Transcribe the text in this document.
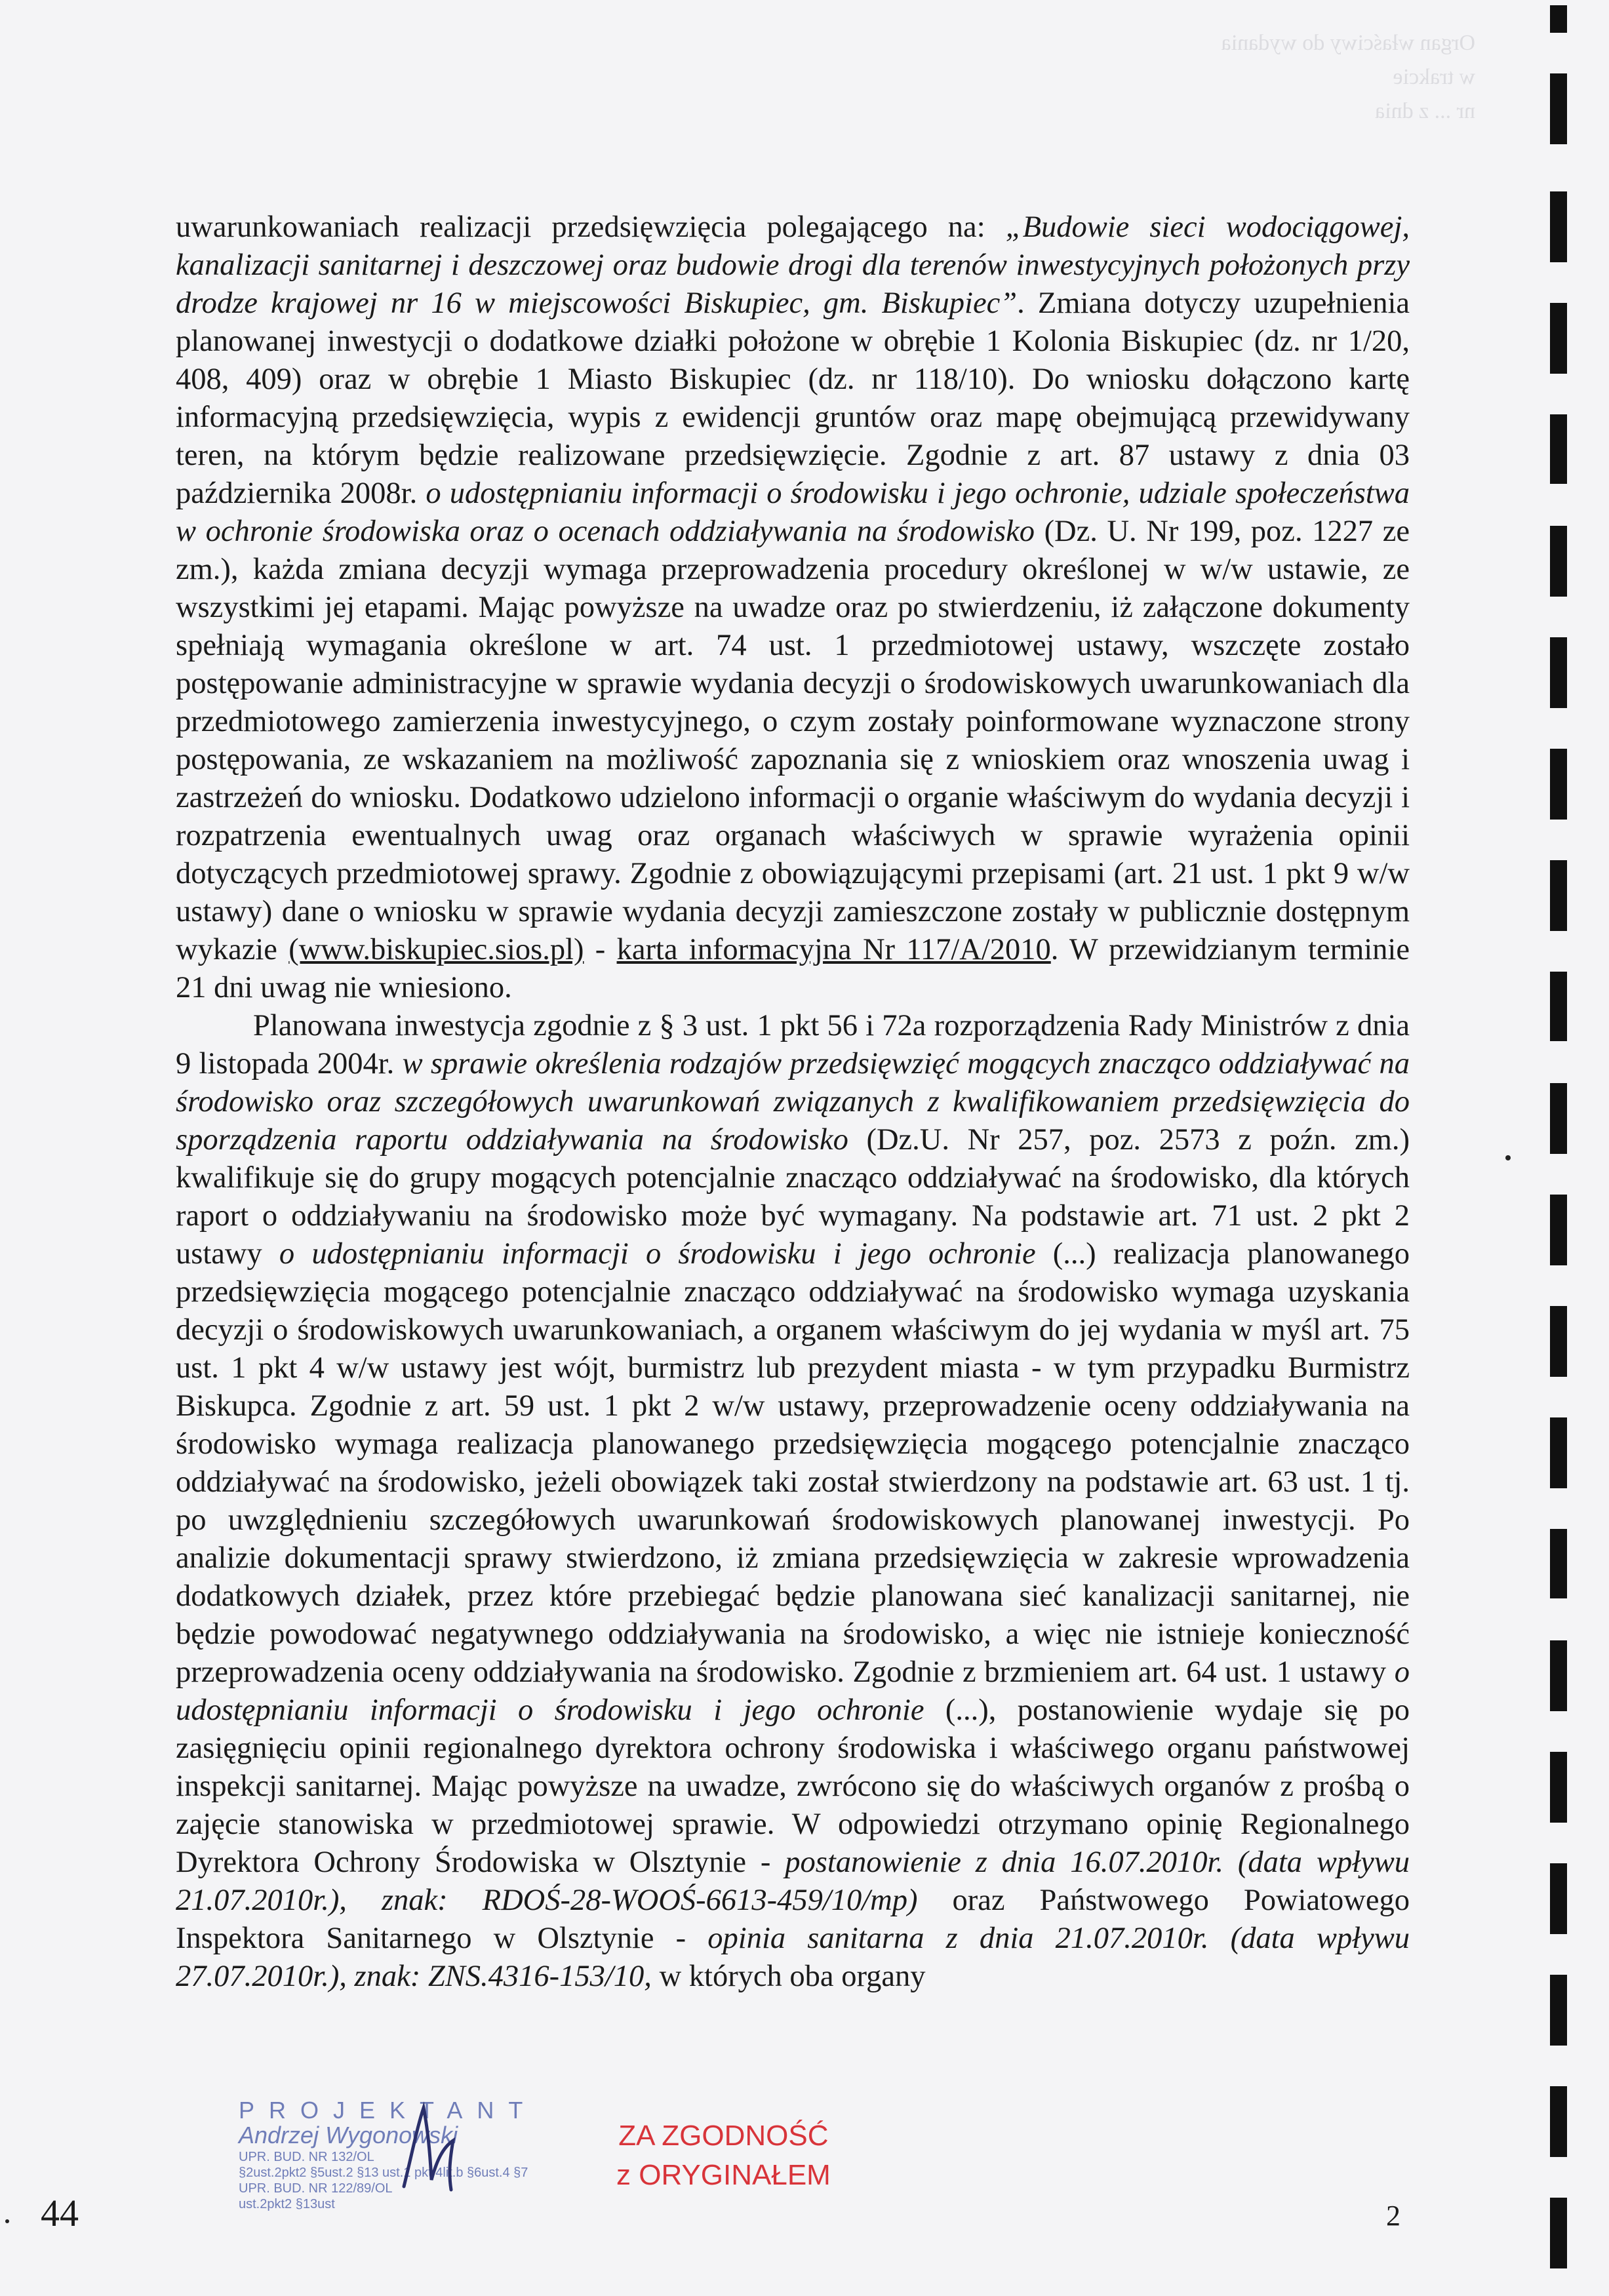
Organ właściwy do wydania
w trakcie
nr ... z dnia

uwarunkowaniach realizacji przedsięwzięcia polegającego na: „Budowie sieci wodociągowej, kanalizacji sanitarnej i deszczowej oraz budowie drogi dla terenów inwestycyjnych położonych przy drodze krajowej nr 16 w miejscowości Biskupiec, gm. Biskupiec”. Zmiana dotyczy uzupełnienia planowanej inwestycji o dodatkowe działki położone w obrębie 1 Kolonia Biskupiec (dz. nr 1/20, 408, 409) oraz w obrębie 1 Miasto Biskupiec (dz. nr 118/10). Do wniosku dołączono kartę informacyjną przedsięwzięcia, wypis z ewidencji gruntów oraz mapę obejmującą przewidywany teren, na którym będzie realizowane przedsięwzięcie. Zgodnie z art. 87 ustawy z dnia 03 października 2008r. o udostępnianiu informacji o środowisku i jego ochronie, udziale społeczeństwa w ochronie środowiska oraz o ocenach oddziaływania na środowisko (Dz. U. Nr 199, poz. 1227 ze zm.), każda zmiana decyzji wymaga przeprowadzenia procedury określonej w w/w ustawie, ze wszystkimi jej etapami. Mając powyższe na uwadze oraz po stwierdzeniu, iż załączone dokumenty spełniają wymagania określone w art. 74 ust. 1 przedmiotowej ustawy, wszczęte zostało postępowanie administracyjne w sprawie wydania decyzji o środowiskowych uwarunkowaniach dla przedmiotowego zamierzenia inwestycyjnego, o czym zostały poinformowane wyznaczone strony postępowania, ze wskazaniem na możliwość zapoznania się z wnioskiem oraz wnoszenia uwag i zastrzeżeń do wniosku. Dodatkowo udzielono informacji o organie właściwym do wydania decyzji i rozpatrzenia ewentualnych uwag oraz organach właściwych w sprawie wyrażenia opinii dotyczących przedmiotowej sprawy. Zgodnie z obowiązującymi przepisami (art. 21 ust. 1 pkt 9 w/w ustawy) dane o wniosku w sprawie wydania decyzji zamieszczone zostały w publicznie dostępnym wykazie (www.biskupiec.sios.pl) - karta informacyjna Nr 117/A/2010. W przewidzianym terminie 21 dni uwag nie wniesiono.

Planowana inwestycja zgodnie z § 3 ust. 1 pkt 56 i 72a rozporządzenia Rady Ministrów z dnia 9 listopada 2004r. w sprawie określenia rodzajów przedsięwzięć mogących znacząco oddziaływać na środowisko oraz szczegółowych uwarunkowań związanych z kwalifikowaniem przedsięwzięcia do sporządzenia raportu oddziaływania na środowisko (Dz.U. Nr 257, poz. 2573 z poźn. zm.) kwalifikuje się do grupy mogących potencjalnie znacząco oddziaływać na środowisko, dla których raport o oddziaływaniu na środowisko może być wymagany. Na podstawie art. 71 ust. 2 pkt 2 ustawy o udostępnianiu informacji o środowisku i jego ochronie (...) realizacja planowanego przedsięwzięcia mogącego potencjalnie znacząco oddziaływać na środowisko wymaga uzyskania decyzji o środowiskowych uwarunkowaniach, a organem właściwym do jej wydania w myśl art. 75 ust. 1 pkt 4 w/w ustawy jest wójt, burmistrz lub prezydent miasta - w tym przypadku Burmistrz Biskupca. Zgodnie z art. 59 ust. 1 pkt 2 w/w ustawy, przeprowadzenie oceny oddziaływania na środowisko wymaga realizacja planowanego przedsięwzięcia mogącego potencjalnie znacząco oddziaływać na środowisko, jeżeli obowiązek taki został stwierdzony na podstawie art. 63 ust. 1 tj. po uwzględnieniu szczegółowych uwarunkowań środowiskowych planowanej inwestycji. Po analizie dokumentacji sprawy stwierdzono, iż zmiana przedsięwzięcia w zakresie wprowadzenia dodatkowych działek, przez które przebiegać będzie planowana sieć kanalizacji sanitarnej, nie będzie powodować negatywnego oddziaływania na środowisko, a więc nie istnieje konieczność przeprowadzenia oceny oddziaływania na środowisko. Zgodnie z brzmieniem art. 64 ust. 1 ustawy o udostępnianiu informacji o środowisku i jego ochronie (...), postanowienie wydaje się po zasięgnięciu opinii regionalnego dyrektora ochrony środowiska i właściwego organu państwowej inspekcji sanitarnej. Mając powyższe na uwadze, zwrócono się do właściwych organów z prośbą o zajęcie stanowiska w przedmiotowej sprawie. W odpowiedzi otrzymano opinię Regionalnego Dyrektora Ochrony Środowiska w Olsztynie - postanowienie z dnia 16.07.2010r. (data wpływu 21.07.2010r.), znak: RDOŚ-28-WOOŚ-6613-459/10/mp) oraz Państwowego Powiatowego Inspektora Sanitarnego w Olsztynie - opinia sanitarna z dnia 21.07.2010r. (data wpływu 27.07.2010r.), znak: ZNS.4316-153/10, w których oba organy

44	2
PROJEKTANT
Andrzej Wygonowski
UPR. BUD. NR 132/OL
§2ust.2pkt2 §5ust.2 §13 ust.1 pkt 4lit.b §6ust.4 §7
UPR. BUD. NR 122/89/OL
ust.2pkt2 §13ust
ZA ZGODNOŚĆ
z ORYGINAŁEM
